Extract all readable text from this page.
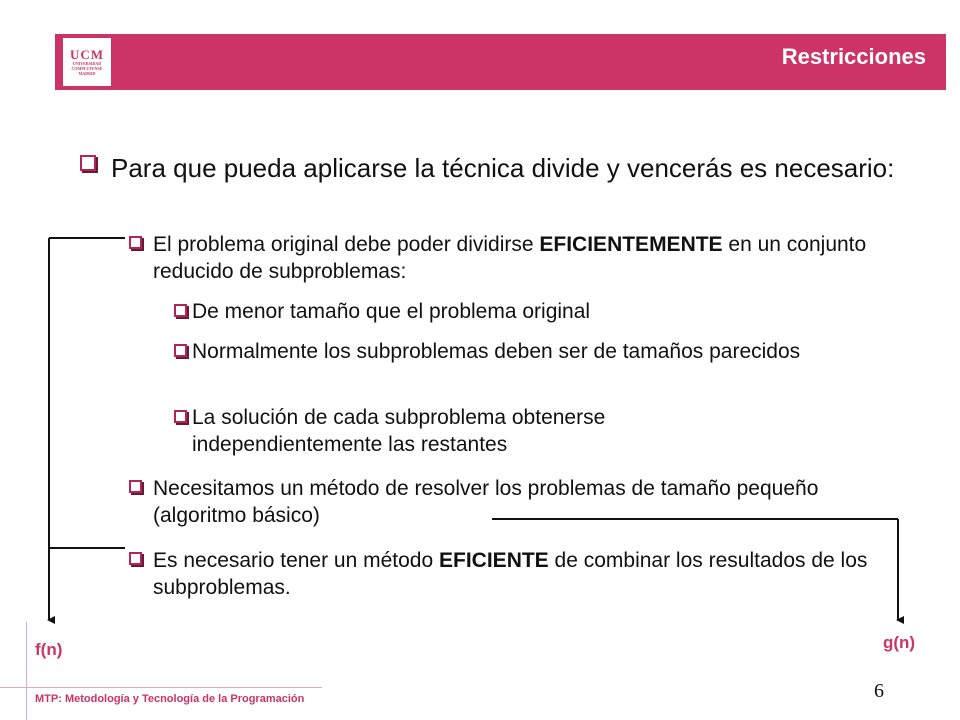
UCM
UNIVERSIDAD
COMPLUTENSE
MADRID
Restricciones
Para que pueda aplicarse la técnica divide y vencerás es necesario:
El problema original debe poder dividirse EFICIENTEMENTE en un conjunto reducido de subproblemas:
De menor tamaño que el problema original
Normalmente los subproblemas deben ser de tamaños parecidos
La solución de cada subproblema obtenerse independientemente las restantes
Necesitamos un método de resolver los problemas de tamaño pequeño (algoritmo básico)
Es necesario tener un método EFICIENTE de combinar los resultados de los subproblemas.
f(n)	g(n)
MTP: Metodología y Tecnología de la Programación	6
